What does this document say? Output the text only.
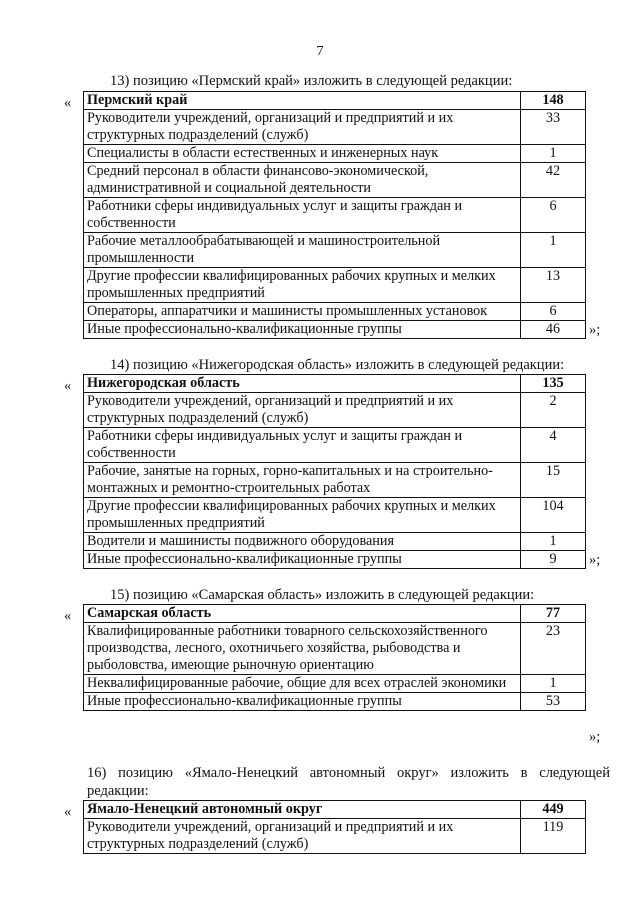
7
13) позицию «Пермский край» изложить в следующей редакции:
« Пермский край	148
Руководители учреждений, организаций и предприятий и их структурных подразделений (служб)	33
Специалисты в области естественных и инженерных наук	1
Средний персонал в области финансово-экономической, административной и социальной деятельности	42
Работники сферы индивидуальных услуг и защиты граждан и собственности	6
Рабочие металлообрабатывающей и машиностроительной промышленности	1
Другие профессии квалифицированных рабочих крупных и мелких промышленных предприятий	13
Операторы, аппаратчики и машинисты промышленных установок	6
Иные профессионально-квалификационные группы	46 »;
14) позицию «Нижегородская область» изложить в следующей редакции:
« Нижегородская область	135
Руководители учреждений, организаций и предприятий и их структурных подразделений (служб)	2
Работники сферы индивидуальных услуг и защиты граждан и собственности	4
Рабочие, занятые на горных, горно-капитальных и на строительно-монтажных и ремонтно-строительных работах	15
Другие профессии квалифицированных рабочих крупных и мелких промышленных предприятий	104
Водители и машинисты подвижного оборудования	1
Иные профессионально-квалификационные группы	9 »;
15) позицию «Самарская область» изложить в следующей редакции:
« Самарская область	77
Квалифицированные работники товарного сельскохозяйственного производства, лесного, охотничьего хозяйства, рыбоводства и рыболовства, имеющие рыночную ориентацию	23
Неквалифицированные рабочие, общие для всех отраслей экономики	1
Иные профессионально-квалификационные группы	53
»;
16) позицию «Ямало-Ненецкий автономный округ» изложить в следующей
редакции:
« Ямало-Ненецкий автономный округ	449
Руководители учреждений, организаций и предприятий и их структурных подразделений (служб)	119
